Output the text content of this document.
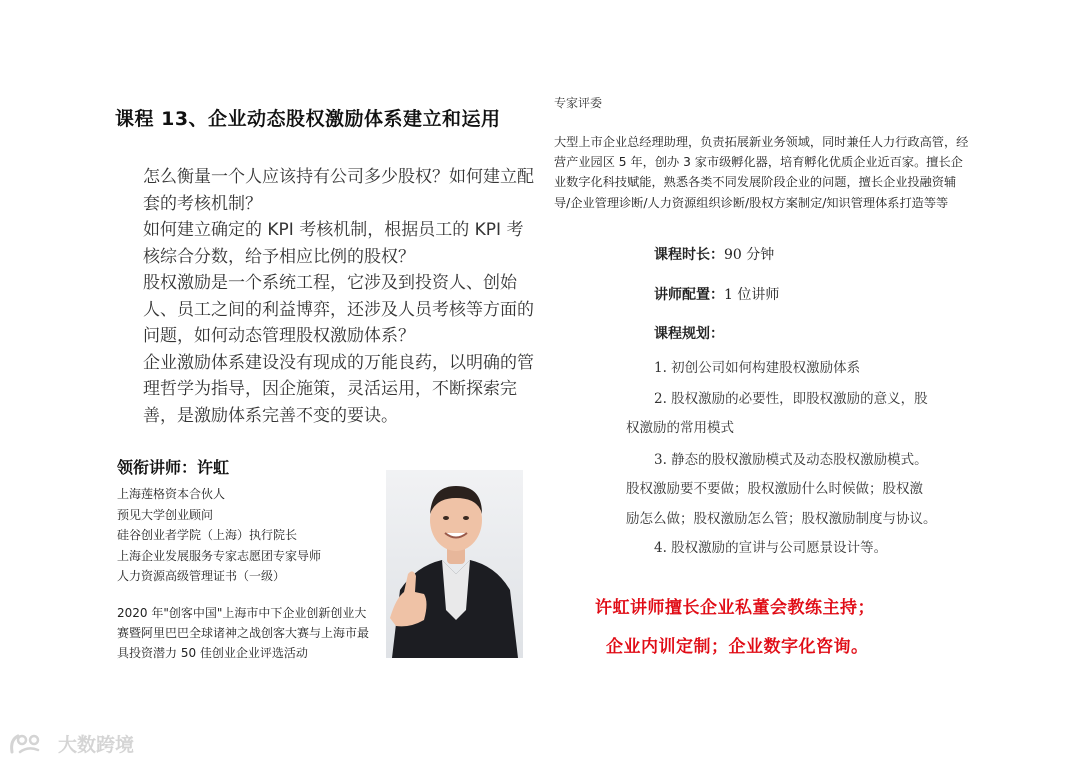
课程 13、企业动态股权激励体系建立和运用

怎么衡量一个人应该持有公司多少股权？如何建立配套的考核机制？

如何建立确定的 KPI 考核机制，根据员工的 KPI 考核综合分数，给予相应比例的股权？

股权激励是一个系统工程，它涉及到投资人、创始人、员工之间的利益博弈，还涉及人员考核等方面的问题，如何动态管理股权激励体系？

企业激励体系建设没有现成的万能良药，以明确的管理哲学为指导，因企施策，灵活运用，不断探索完善，是激励体系完善不变的要诀。

领衔讲师：许虹
上海莲格资本合伙人
预见大学创业顾问
硅谷创业者学院（上海）执行院长
上海企业发展服务专家志愿团专家导师
人力资源高级管理证书（一级）
2020 年"创客中国"上海市中下企业创新创业大赛暨阿里巴巴全球诸神之战创客大赛与上海市最具投资潜力 50 佳创业企业评选活动
专家评委
大型上市企业总经理助理，负责拓展新业务领域，同时兼任人力行政高管，经营产业园区 5 年，创办 3 家市级孵化器，培育孵化优质企业近百家。擅长企业数字化科技赋能，熟悉各类不同发展阶段企业的问题，擅长企业投融资辅导/企业管理诊断/人力资源组织诊断/股权方案制定/知识管理体系打造等等
课程时长：90 分钟
讲师配置：1 位讲师
课程规划：
1. 初创公司如何构建股权激励体系
2. 股权激励的必要性，即股权激励的意义，股
权激励的常用模式
3. 静态的股权激励模式及动态股权激励模式。
股权激励要不要做；股权激励什么时候做；股权激
励怎么做；股权激励怎么管；股权激励制度与协议。
4. 股权激励的宣讲与公司愿景设计等。
许虹讲师擅长企业私董会教练主持；
企业内训定制；企业数字化咨询。
大数跨境
